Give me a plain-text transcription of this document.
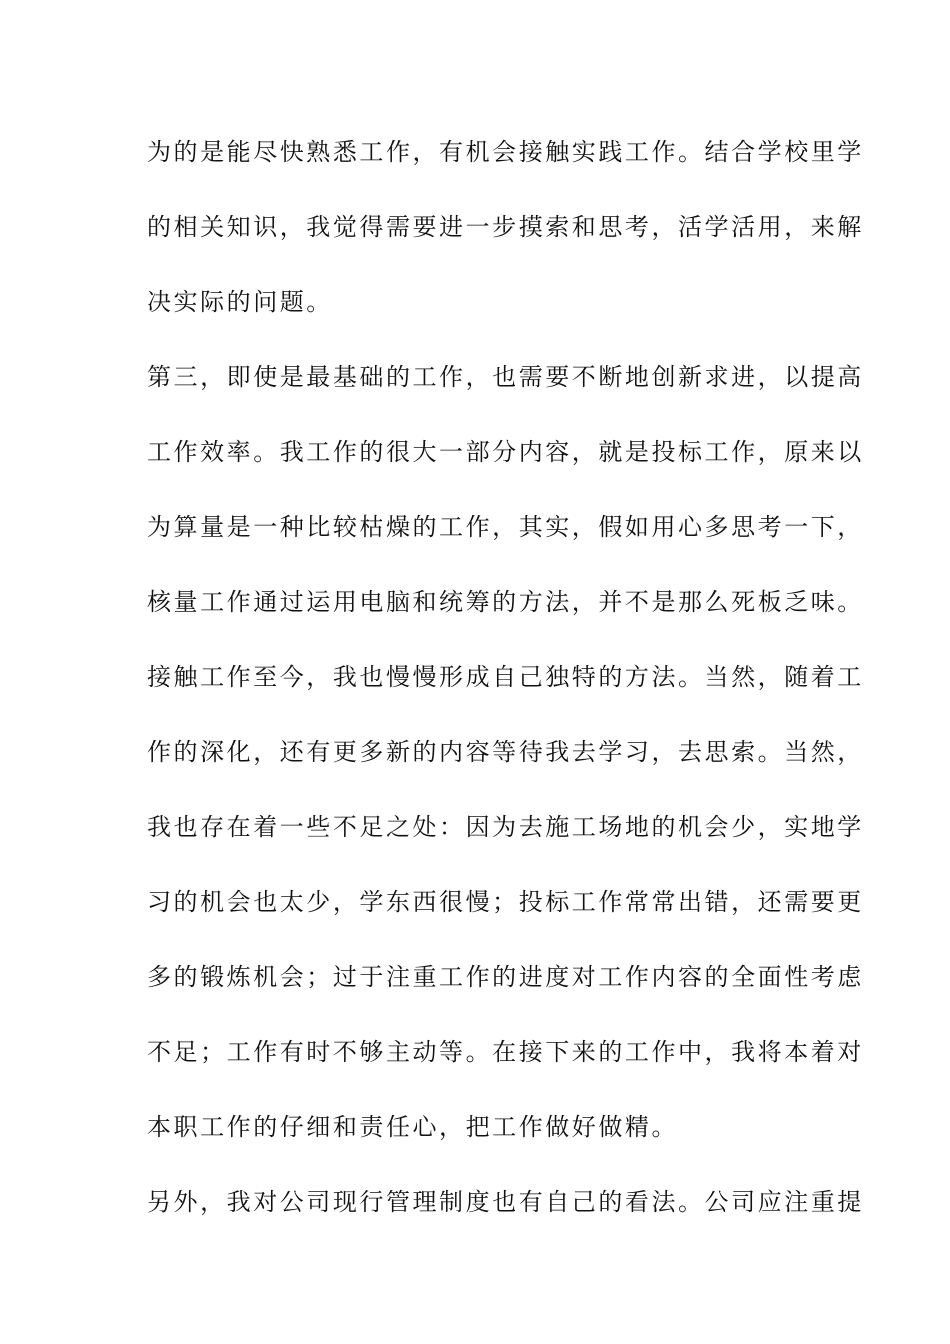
为的是能尽快熟悉工作，有机会接触实践工作。结合学校里学
的相关知识，我觉得需要进一步摸索和思考，活学活用，来解
决实际的问题。
第三，即使是最基础的工作，也需要不断地创新求进，以提高
工作效率。我工作的很大一部分内容，就是投标工作，原来以
为算量是一种比较枯燥的工作，其实，假如用心多思考一下，
核量工作通过运用电脑和统筹的方法，并不是那么死板乏味。
接触工作至今，我也慢慢形成自己独特的方法。当然，随着工
作的深化，还有更多新的内容等待我去学习，去思索。当然，
我也存在着一些不足之处：因为去施工场地的机会少，实地学
习的机会也太少，学东西很慢；投标工作常常出错，还需要更
多的锻炼机会；过于注重工作的进度对工作内容的全面性考虑
不足；工作有时不够主动等。在接下来的工作中，我将本着对
本职工作的仔细和责任心，把工作做好做精。
另外，我对公司现行管理制度也有自己的看法。公司应注重提
